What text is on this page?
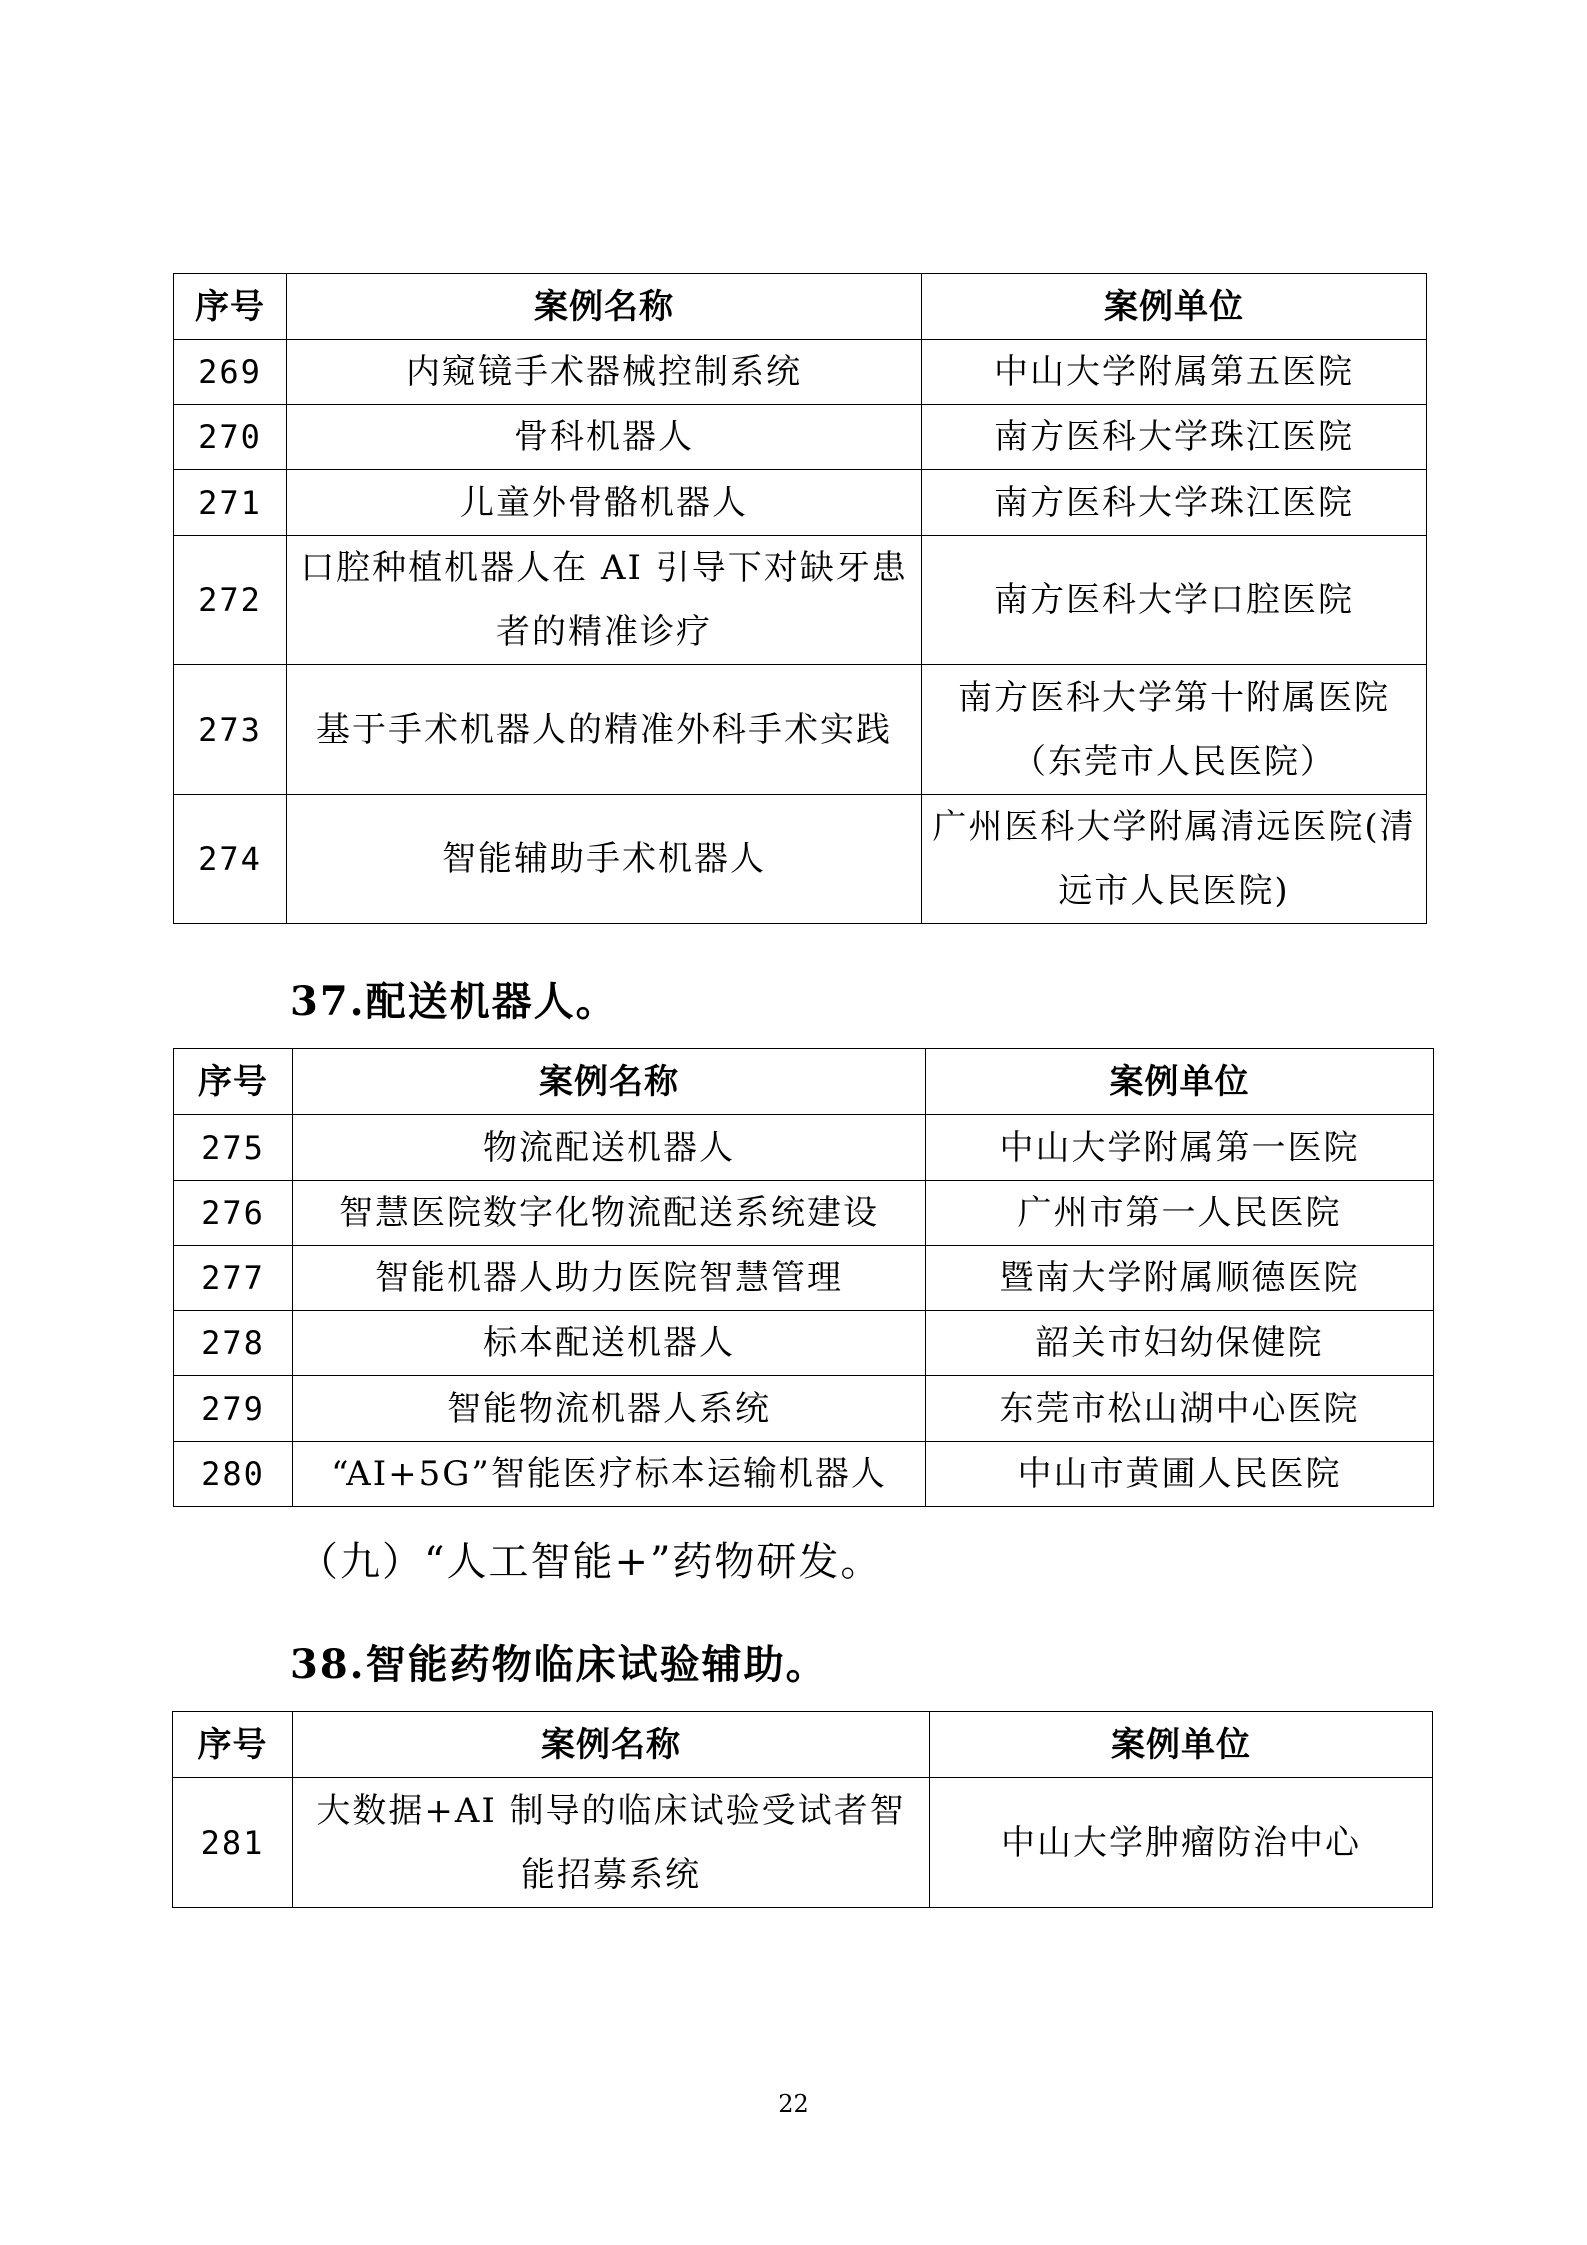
序号	案例名称	案例单位
269	内窥镜手术器械控制系统	中山大学附属第五医院
270	骨科机器人	南方医科大学珠江医院
271	儿童外骨骼机器人	南方医科大学珠江医院
272	口腔种植机器人在 AI 引导下对缺牙患者的精准诊疗	南方医科大学口腔医院
273	基于手术机器人的精准外科手术实践	南方医科大学第十附属医院（东莞市人民医院）
274	智能辅助手术机器人	广州医科大学附属清远医院(清远市人民医院)
37.配送机器人。
序号	案例名称	案例单位
275	物流配送机器人	中山大学附属第一医院
276	智慧医院数字化物流配送系统建设	广州市第一人民医院
277	智能机器人助力医院智慧管理	暨南大学附属顺德医院
278	标本配送机器人	韶关市妇幼保健院
279	智能物流机器人系统	东莞市松山湖中心医院
280	“AI+5G”智能医疗标本运输机器人	中山市黄圃人民医院
（九）“人工智能+”药物研发。
38.智能药物临床试验辅助。
序号	案例名称	案例单位
281	大数据+AI 制导的临床试验受试者智能招募系统	中山大学肿瘤防治中心
22
